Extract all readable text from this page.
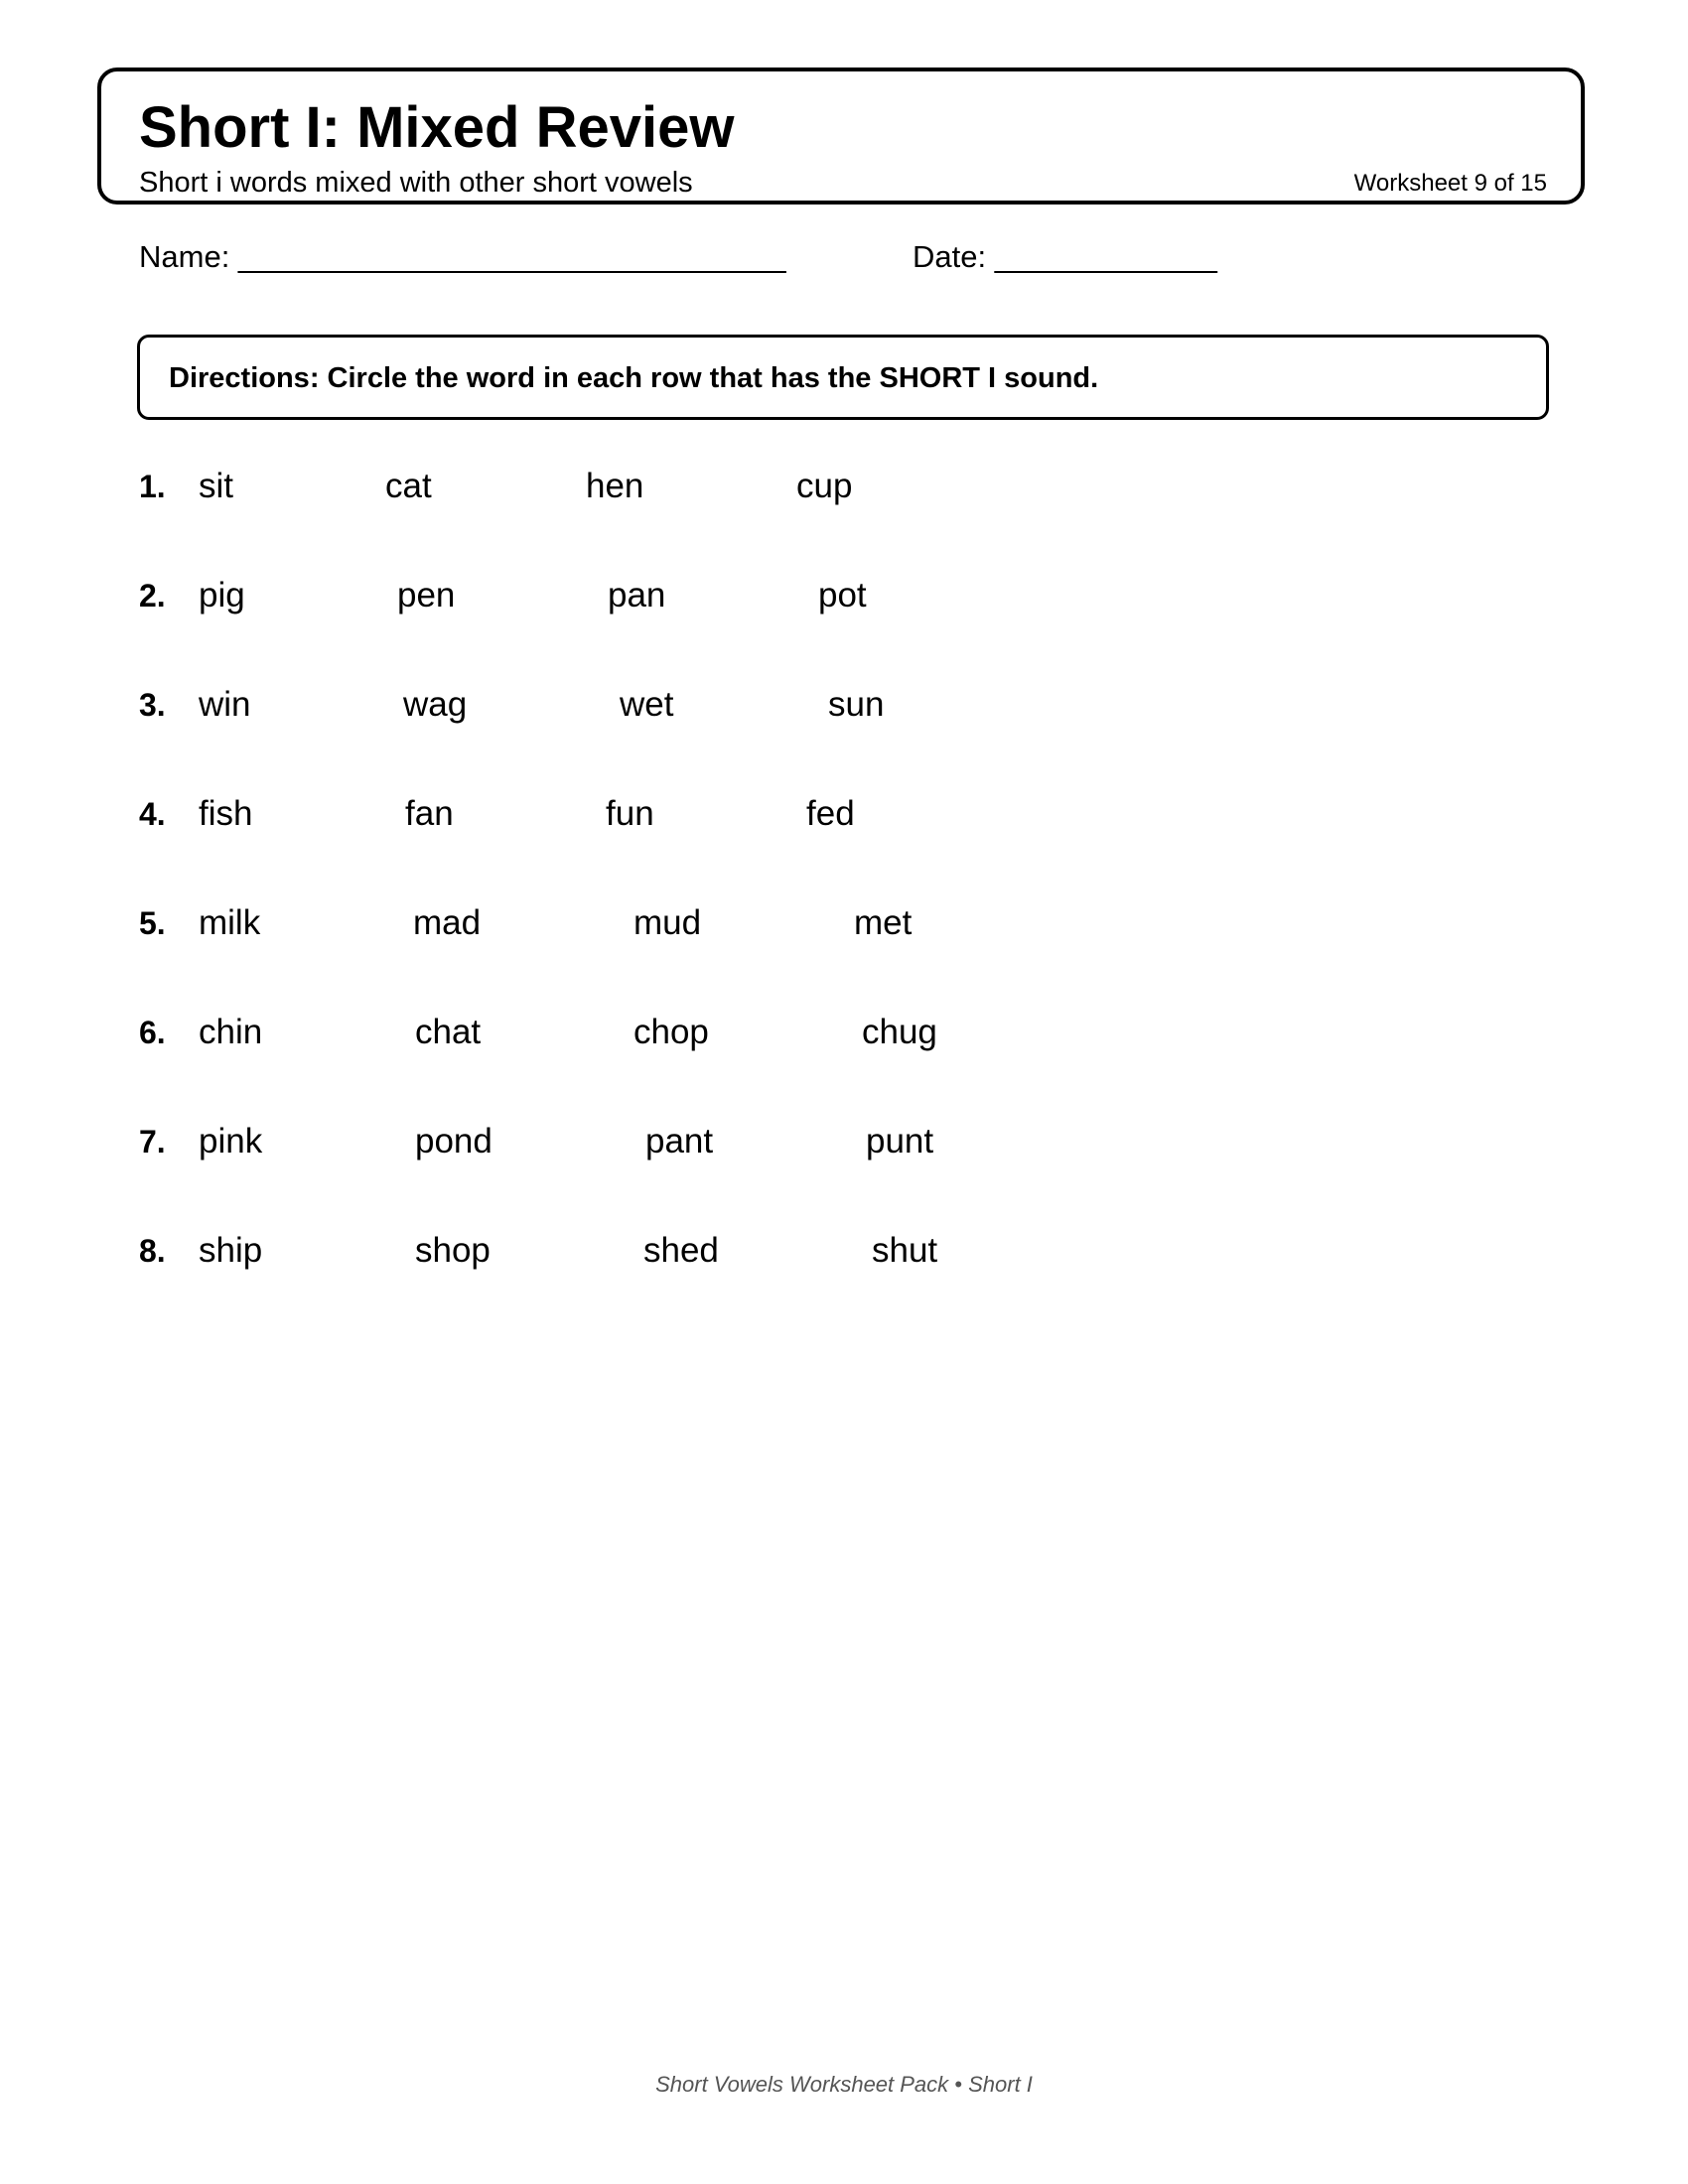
Short I: Mixed Review
Short i words mixed with other short vowels	Worksheet 9 of 15
Name: ________________________________	Date: _____________
Directions: Circle the word in each row that has the SHORT I sound.
1. sit	cat	hen	cup
2. pig	pen	pan	pot
3. win	wag	wet	sun
4. fish	fan	fun	fed
5. milk	mad	mud	met
6. chin	chat	chop	chug
7. pink	pond	pant	punt
8. ship	shop	shed	shut
Short Vowels Worksheet Pack • Short I
